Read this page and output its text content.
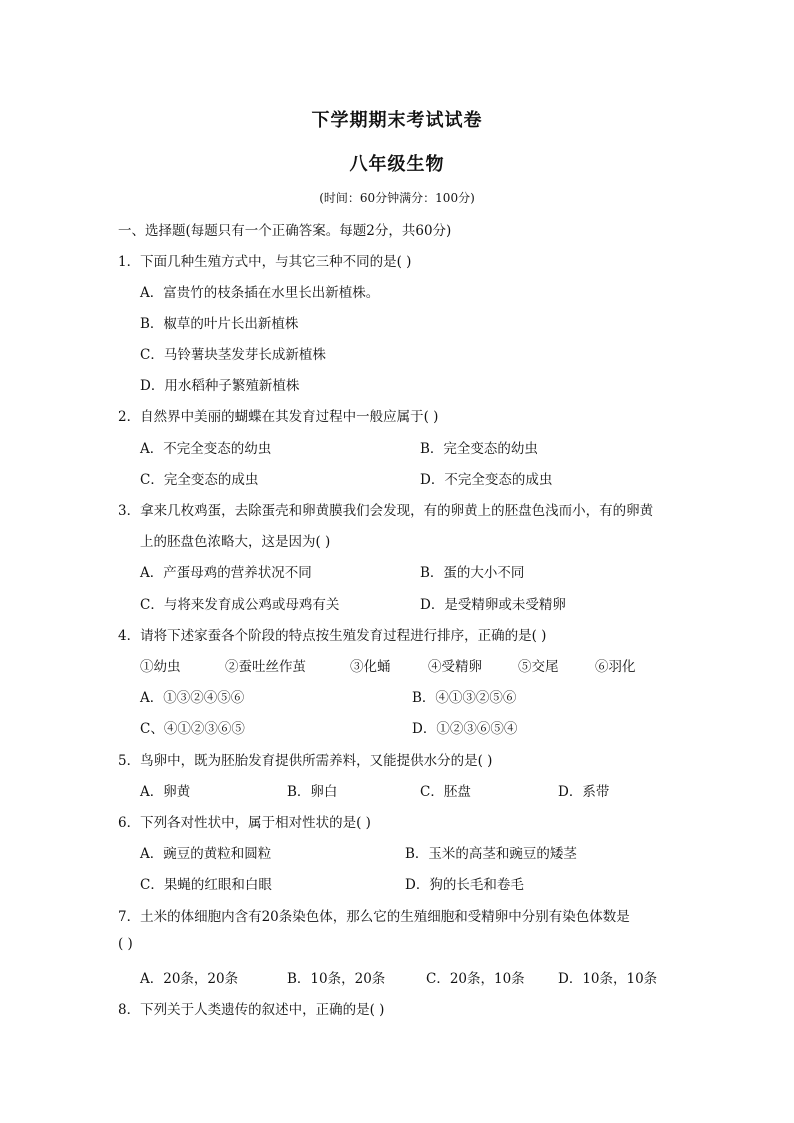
下学期期末考试试卷
八年级生物
(时间：60分钟满分：100分)
一、选择题(每题只有一个正确答案。每题2分，共60分)
1．下面几种生殖方式中，与其它三种不同的是( )
A．富贵竹的枝条插在水里长出新植株。
B．椒草的叶片长出新植株
C．马铃薯块茎发芽长成新植株
D．用水稻种子繁殖新植株
2．自然界中美丽的蝴蝶在其发育过程中一般应属于( )
A．不完全变态的幼虫	B．完全变态的幼虫
C．完全变态的成虫	D．不完全变态的成虫
3．拿来几枚鸡蛋，去除蛋壳和卵黄膜我们会发现，有的卵黄上的胚盘色浅而小，有的卵黄
上的胚盘色浓略大，这是因为( )
A．产蛋母鸡的营养状况不同	B．蛋的大小不同
C．与将来发育成公鸡或母鸡有关	D．是受精卵或未受精卵
4．请将下述家蚕各个阶段的特点按生殖发育过程进行排序，正确的是( )
①幼虫	②蚕吐丝作茧	③化蛹	④受精卵	⑤交尾	⑥羽化
A．①③②④⑤⑥	B．④①③②⑤⑥
C、④①②③⑥⑤	D．①②③⑥⑤④
5．鸟卵中，既为胚胎发育提供所需养料，又能提供水分的是( )
A．卵黄	B．卵白	C．胚盘	D．系带
6．下列各对性状中，属于相对性状的是( )
A．豌豆的黄粒和圆粒	B．玉米的高茎和豌豆的矮茎
C．果蝇的红眼和白眼	D．狗的长毛和卷毛
7．土米的体细胞内含有20条染色体，那么它的生殖细胞和受精卵中分别有染色体数是
( )
A．20条，20条	B．10条，20条	C．20条，10条 D．10条，10条
8．下列关于人类遗传的叙述中，正确的是( )
